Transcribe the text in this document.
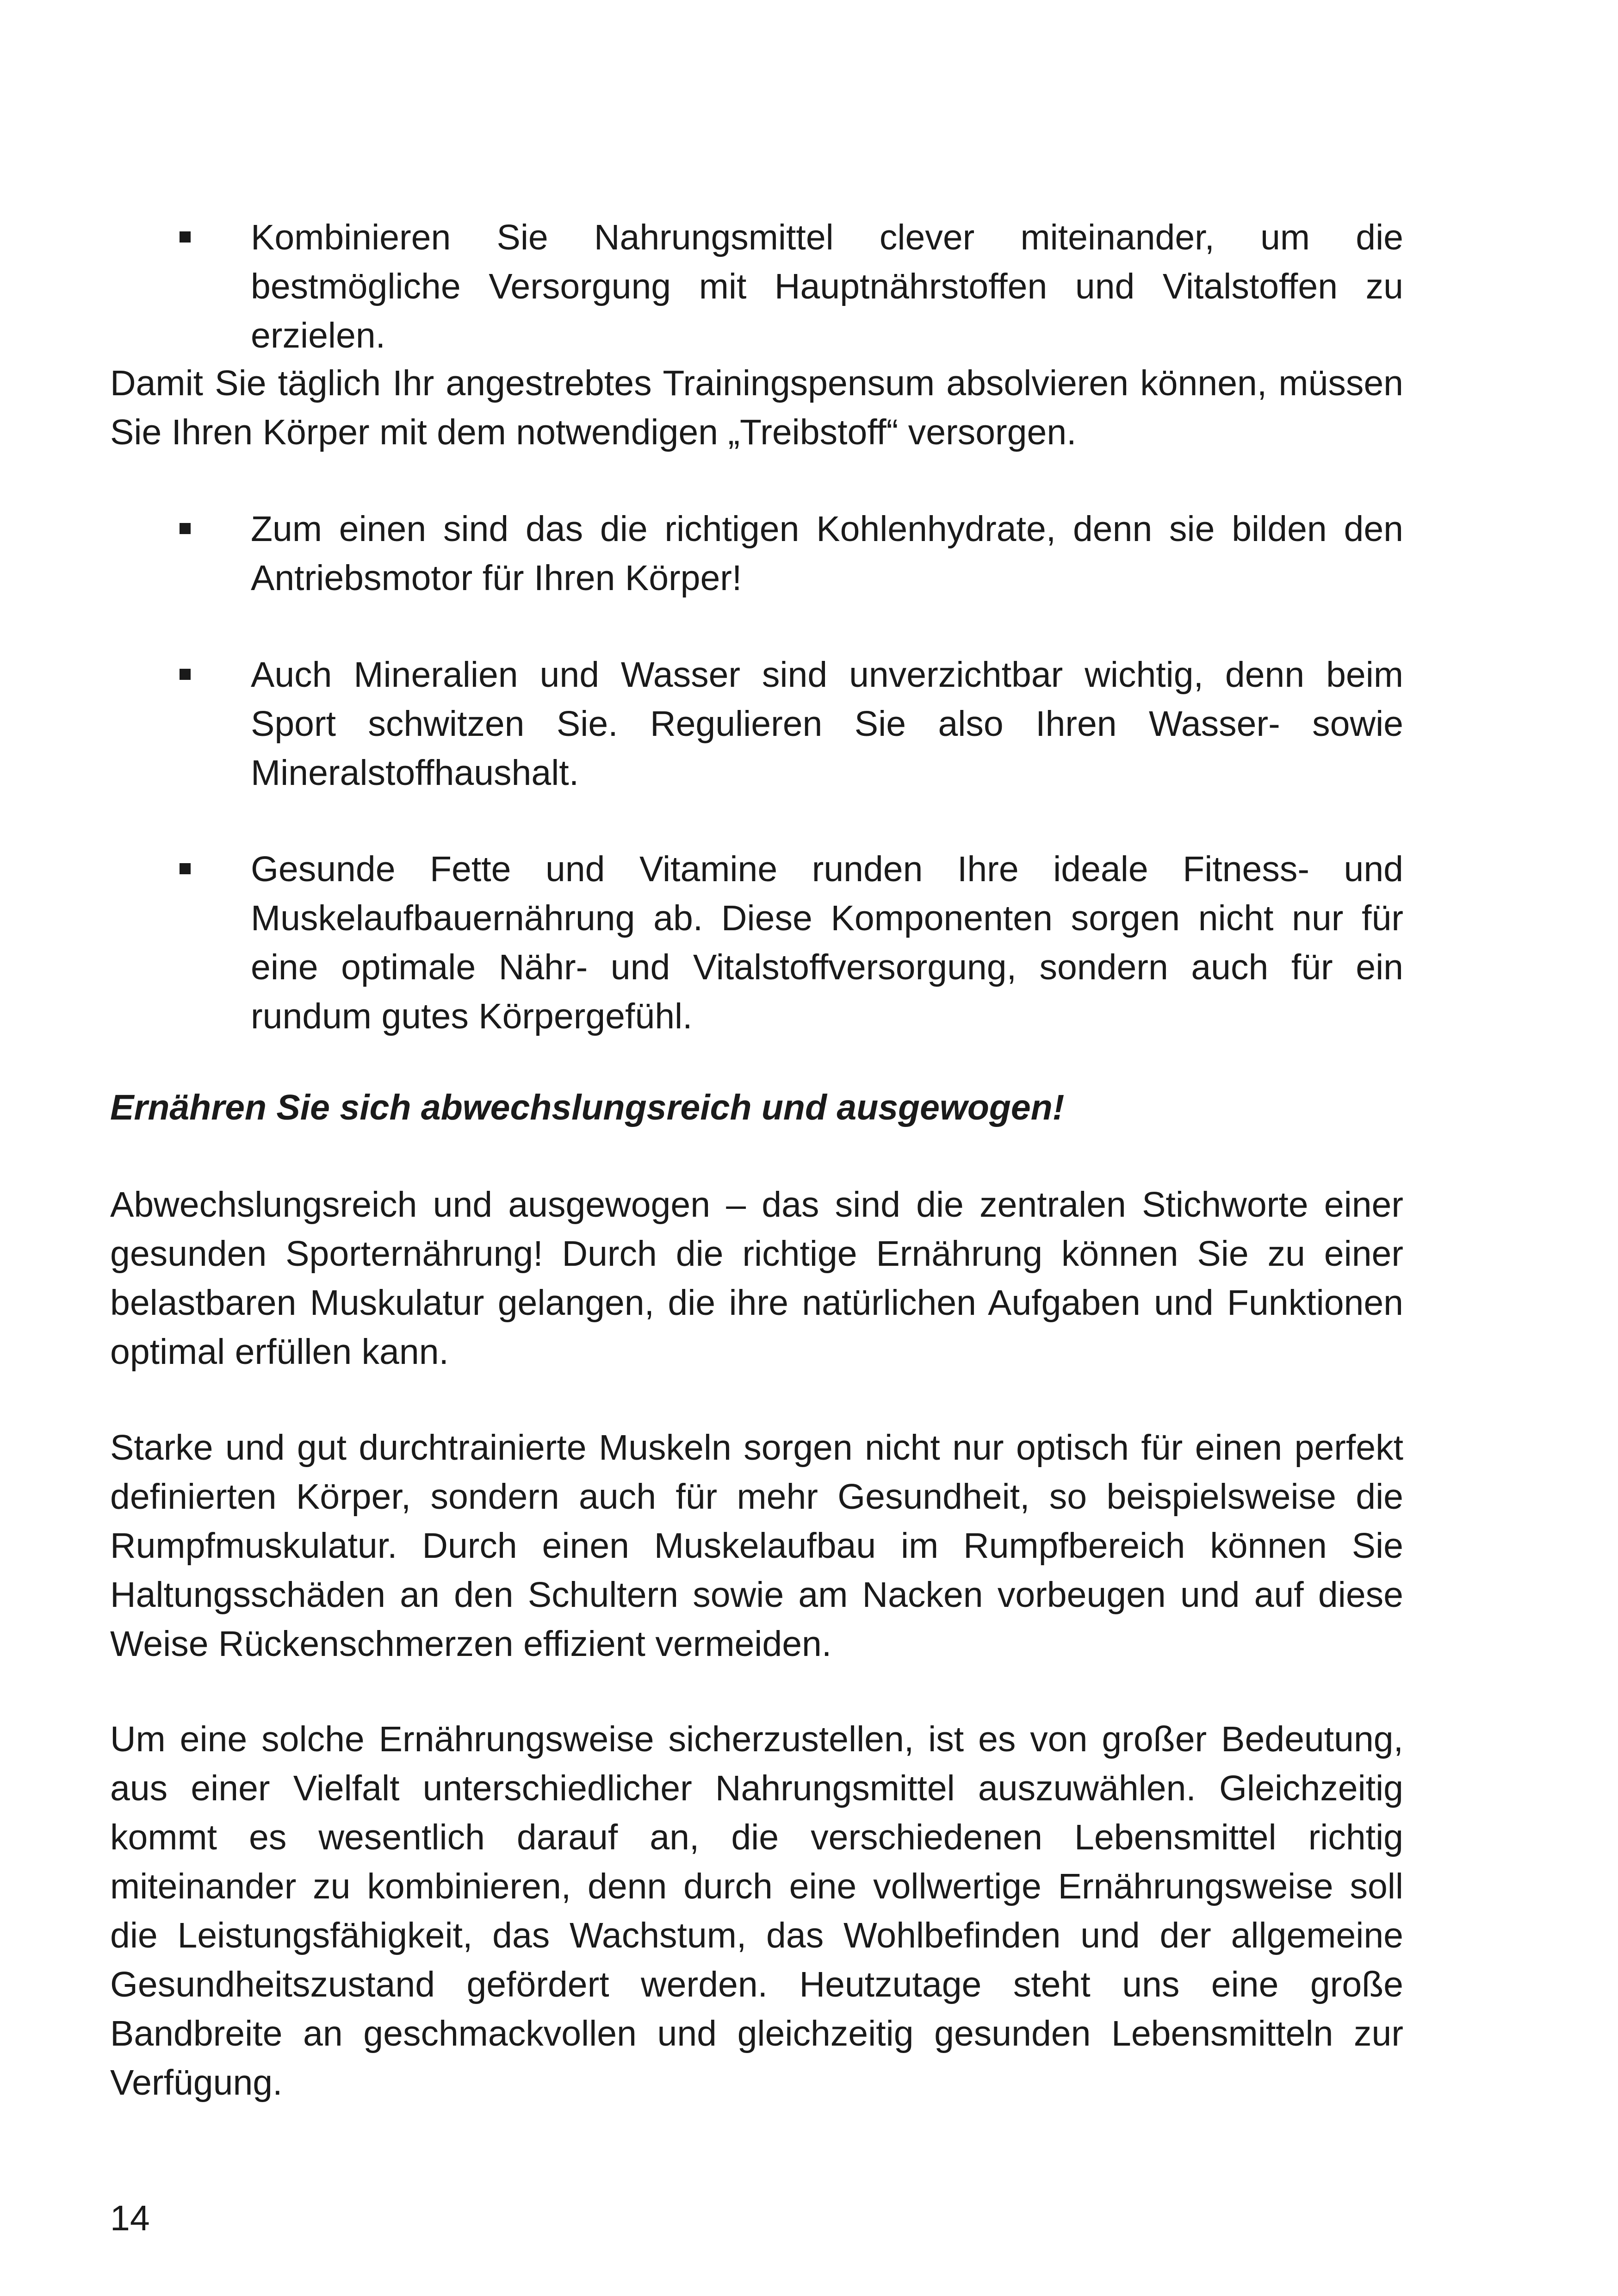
Kombinieren Sie Nahrungsmittel clever miteinander, um die bestmögliche Versorgung mit Hauptnährstoffen und Vitalstoffen zu erzielen.

Damit Sie täglich Ihr angestrebtes Trainingspensum absolvieren können, müssen Sie Ihren Körper mit dem notwendigen „Treibstoff“ versorgen.

Zum einen sind das die richtigen Kohlenhydrate, denn sie bilden den Antriebsmotor für Ihren Körper!
Auch Mineralien und Wasser sind unverzichtbar wichtig, denn beim Sport schwitzen Sie. Regulieren Sie also Ihren Wasser- sowie Mineralstoffhaushalt.
Gesunde Fette und Vitamine runden Ihre ideale Fitness- und Muskelaufbauernährung ab. Diese Komponenten sorgen nicht nur für eine optimale Nähr- und Vitalstoffversorgung, sondern auch für ein rundum gutes Körpergefühl.
Ernähren Sie sich abwechslungsreich und ausgewogen!

Abwechslungsreich und ausgewogen – das sind die zentralen Stichworte einer gesunden Sporternährung! Durch die richtige Ernährung können Sie zu einer belastbaren Muskulatur gelangen, die ihre natürlichen Aufgaben und Funktionen optimal erfüllen kann.

Starke und gut durchtrainierte Muskeln sorgen nicht nur optisch für einen perfekt definierten Körper, sondern auch für mehr Gesundheit, so beispielsweise die Rumpfmuskulatur. Durch einen Muskelaufbau im Rumpfbereich können Sie Haltungsschäden an den Schultern sowie am Nacken vorbeugen und auf diese Weise Rückenschmerzen effizient vermeiden.

Um eine solche Ernährungsweise sicherzustellen, ist es von großer Bedeutung, aus einer Vielfalt unterschiedlicher Nahrungsmittel auszuwählen. Gleichzeitig kommt es wesentlich darauf an, die verschiedenen Lebensmittel richtig miteinander zu kombinieren, denn durch eine vollwertige Ernährungsweise soll die Leistungsfähigkeit, das Wachstum, das Wohlbefinden und der allgemeine Gesundheitszustand gefördert werden. Heutzutage steht uns eine große Bandbreite an geschmackvollen und gleichzeitig gesunden Lebensmitteln zur Verfügung.

14
